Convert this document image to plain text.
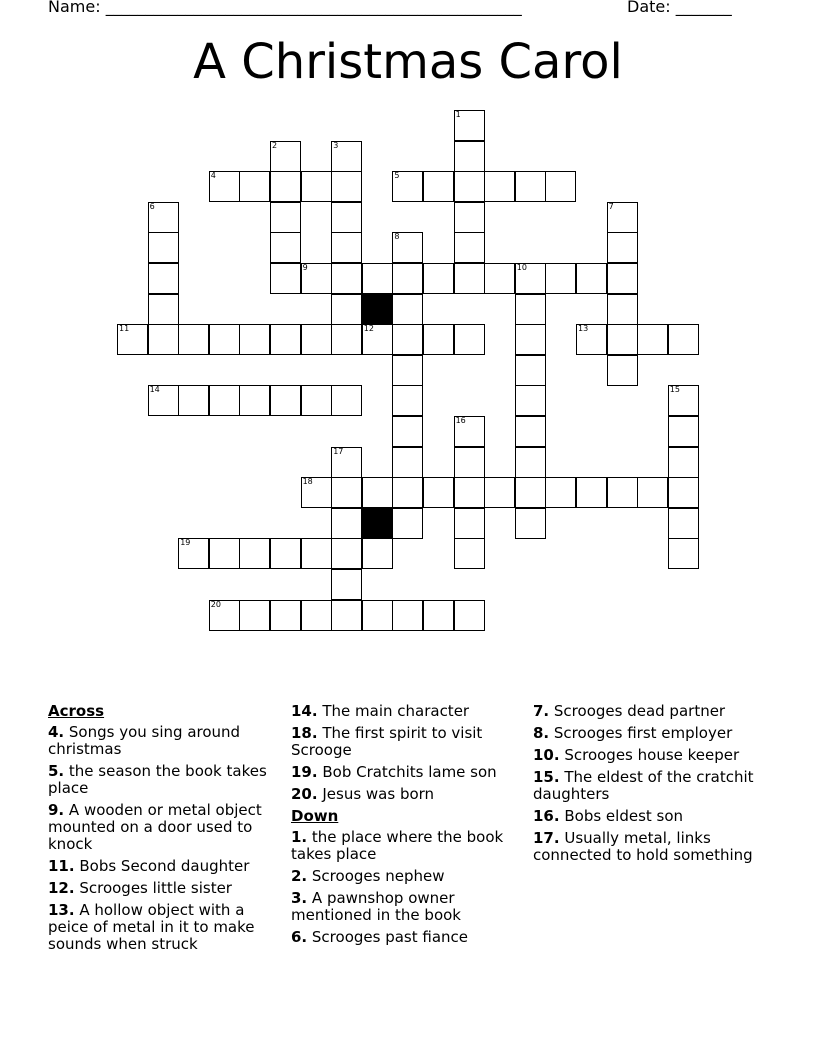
Name: ____________________________________________________	Date: _______
A Christmas Carol
4	5
9	10
11	12	13
14
18
19
20
1
2	3
6	7
8
15
16
17
Across
4. Songs you sing around christmas
5. the season the book takes place
9. A wooden or metal object mounted on a door used to knock
11. Bobs Second daughter
12. Scrooges little sister
13. A hollow object with a peice of metal in it to make sounds when struck
14. The main character
18. The first spirit to visit Scrooge
19. Bob Cratchits lame son
20. Jesus was born
Down
1. the place where the book takes place
2. Scrooges nephew
3. A pawnshop owner mentioned in the book
6. Scrooges past fiance
7. Scrooges dead partner
8. Scrooges first employer
10. Scrooges house keeper
15. The eldest of the cratchit daughters
16. Bobs eldest son
17. Usually metal, links connected to hold something
